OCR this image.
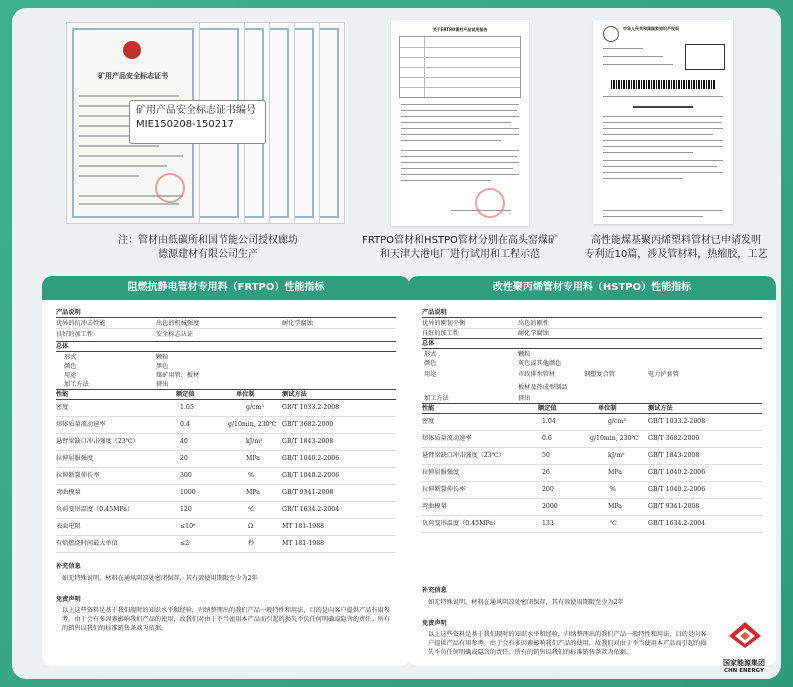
矿用产品安全标志证书
矿用产品安全标志证书编号
MIE150208-150217
关于FRTPO管材产品试用报告	中华人民共和国国家知识产权局
注：管材由低碳所和国节能公司授权廊坊
德源建材有限公司生产
FRTPO管材和HSTPO管材分别在高头窑煤矿
和天津大港电厂进行试用和工程示范
高性能煤基聚丙烯塑料管材已申请发明
专利近10篇，涉及管材料，热缩胶，工艺
阻燃抗静电管材专用料（FRTPO）性能指标
产品说明
优异的抗冲击性能	出色的机械强度	耐化学腐蚀
良好的加工性	安全标志认证
总体
形式	颗粒
颜色	黑色
用途	煤矿用管、板材
加工方法	挤出
性能	额定值	单位制	测试方法
密度	1.05	g/cm³	GB/T 1033.2-2008
熔体质量流动速率	0.4	g/10min, 230℃ GB/T 3682-2000
悬臂梁缺口冲击强度（23℃）	40	kJ/m²	GB/T 1843-2008
拉伸屈服强度	20	MPa	GB/T 1040.2-2006
拉伸断裂伸长率	300	%	GB/T 1040.2-2006
弯曲模量	1000	MPa	GB/T 9341-2008
负荷变形温度（0.45MPa）	120	℃	GB/T 1634.2-2004
表面电阻	≤10⁶	Ω	MT 181-1988
有焰燃烧时间最大单值	≤2	秒	MT 181-1988
补充信息
如无特殊说明，材料在通风阴凉处密闭保存，其有效使用期限至少为2年
免责声明
以上这些资料是基于我们现时的知识水平和经验，归纳整理出的我们产品一般特性和用法，目的是向客户提供产品有用参考。由于会有多因素影响我们产品的使用，故我们对由于不当使用本产品而引起的损失不负任何明确或隐含的责任。所有的销售以我们的标准销售条款为依据。
改性聚丙烯管材专用料（HSTPO）性能指标
产品说明
优异的刚韧平衡	出色的刚性
良好的加工性	耐化学腐蚀
总体
形式	颗粒
颜色	灰色或其他颜色
用途	市政排水管材	钢塑复合管	电力护套管
板材及热成型制品
加工方法	挤出
性能	额定值	单位制	测试方法
密度	1.04	g/cm³	GB/T 1033.2-2008
熔体质量流动速率	0.6	g/10min, 230℃ GB/T 3682-2000
悬臂梁缺口冲击强度（23℃）	50	kJ/m²	GB/T 1843-2008
拉伸屈服强度	26	MPa	GB/T 1040.2-2006
拉伸断裂伸长率	200	%	GB/T 1040.2-2006
弯曲模量	2000	MPa	GB/T 9341-2008
负荷变形温度（0.45MPa）	133	℃	GB/T 1634.2-2004
补充信息
如无特殊说明，材料在通风阴凉处密闭保存，其有效使用期限至少为2年
免责声明
以上这些资料是基于我们现时的知识水平和经验，归纳整理出的我们产品一般特性和用法，目的是向客户提供产品有用参考。由于会有多因素影响我们产品的使用，故我们对由于不当使用本产品而引起的损失不负任何明确或隐含的责任。所有的销售以我们的标准销售条款为依据。
国家能源集团
CHN ENERGY
